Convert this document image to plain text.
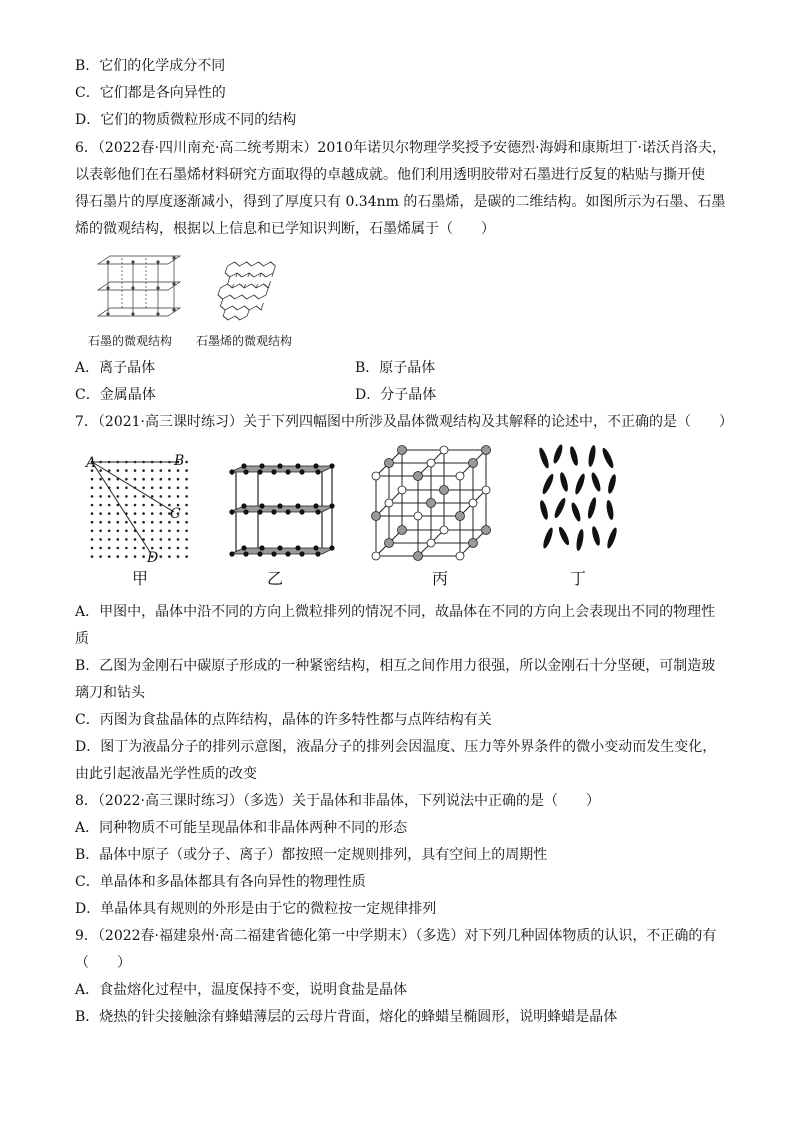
B．它们的化学成分不同
C．它们都是各向异性的
D．它们的物质微粒形成不同的结构
6．（2022春·四川南充·高二统考期末）2010年诺贝尔物理学奖授予安德烈·海姆和康斯坦丁·诺沃肖洛夫，
以表彰他们在石墨烯材料研究方面取得的卓越成就。他们利用透明胶带对石墨进行反复的粘贴与撕开使
得石墨片的厚度逐渐减小，得到了厚度只有 0.34nm 的石墨烯，是碳的二维结构。如图所示为石墨、石墨
烯的微观结构，根据以上信息和已学知识判断，石墨烯属于（　　）
石墨的微观结构 石墨烯的微观结构
A．离子晶体	B．原子晶体
C．金属晶体	D．分子晶体
7．（2021·高三课时练习）关于下列四幅图中所涉及晶体微观结构及其解释的论述中，不正确的是（　　）
A	B
C
D
甲	乙	丙	丁
A．甲图中，晶体中沿不同的方向上微粒排列的情况不同，故晶体在不同的方向上会表现出不同的物理性
质
B．乙图为金刚石中碳原子形成的一种紧密结构，相互之间作用力很强，所以金刚石十分坚硬，可制造玻
璃刀和钻头
C．丙图为食盐晶体的点阵结构，晶体的许多特性都与点阵结构有关
D．图丁为液晶分子的排列示意图，液晶分子的排列会因温度、压力等外界条件的微小变动而发生变化，
由此引起液晶光学性质的改变
8．（2022·高三课时练习）（多选）关于晶体和非晶体，下列说法中正确的是（　　）
A．同种物质不可能呈现晶体和非晶体两种不同的形态
B．晶体中原子（或分子、离子）都按照一定规则排列，具有空间上的周期性
C．单晶体和多晶体都具有各向异性的物理性质
D．单晶体具有规则的外形是由于它的微粒按一定规律排列
9．（2022春·福建泉州·高二福建省德化第一中学期末）（多选）对下列几种固体物质的认识，不正确的有
（　　）
A．食盐熔化过程中，温度保持不变，说明食盐是晶体
B．烧热的针尖接触涂有蜂蜡薄层的云母片背面，熔化的蜂蜡呈椭圆形，说明蜂蜡是晶体
